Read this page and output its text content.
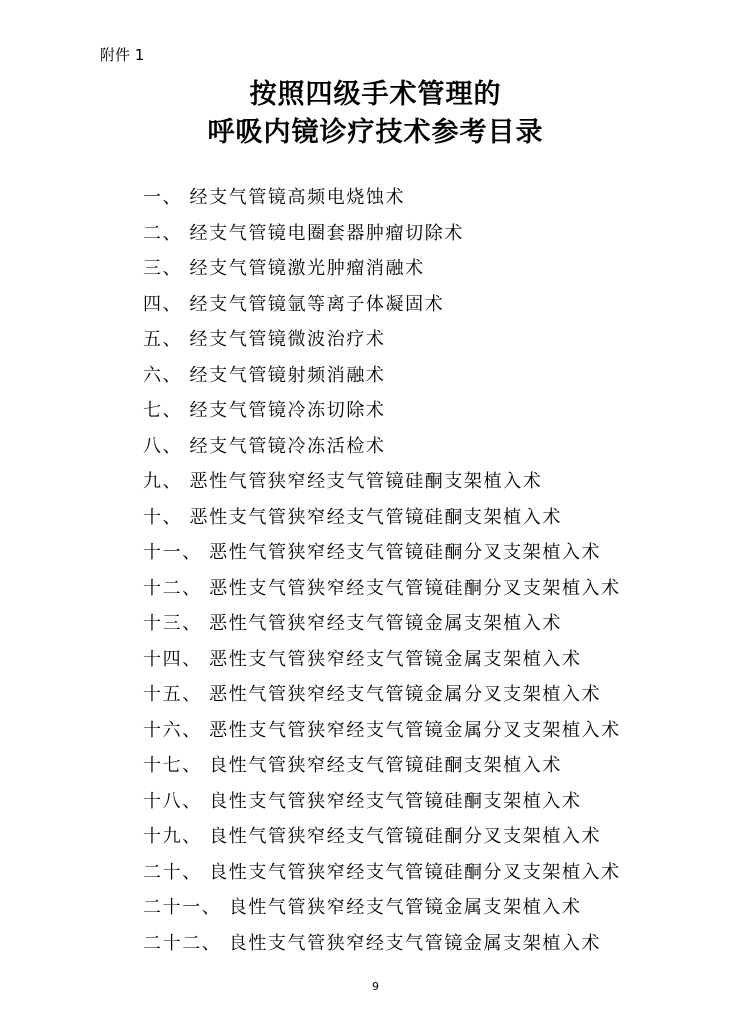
附件 1
按照四级手术管理的
呼吸内镜诊疗技术参考目录
一、 经支气管镜高频电烧蚀术
二、 经支气管镜电圈套器肿瘤切除术
三、 经支气管镜激光肿瘤消融术
四、 经支气管镜氩等离子体凝固术
五、 经支气管镜微波治疗术
六、 经支气管镜射频消融术
七、 经支气管镜冷冻切除术
八、 经支气管镜冷冻活检术
九、 恶性气管狭窄经支气管镜硅酮支架植入术
十、 恶性支气管狭窄经支气管镜硅酮支架植入术
十一、 恶性气管狭窄经支气管镜硅酮分叉支架植入术
十二、 恶性支气管狭窄经支气管镜硅酮分叉支架植入术
十三、 恶性气管狭窄经支气管镜金属支架植入术
十四、 恶性支气管狭窄经支气管镜金属支架植入术
十五、 恶性气管狭窄经支气管镜金属分叉支架植入术
十六、 恶性支气管狭窄经支气管镜金属分叉支架植入术
十七、 良性气管狭窄经支气管镜硅酮支架植入术
十八、 良性支气管狭窄经支气管镜硅酮支架植入术
十九、 良性气管狭窄经支气管镜硅酮分叉支架植入术
二十、 良性支气管狭窄经支气管镜硅酮分叉支架植入术
二十一、 良性气管狭窄经支气管镜金属支架植入术
二十二、 良性支气管狭窄经支气管镜金属支架植入术
9
